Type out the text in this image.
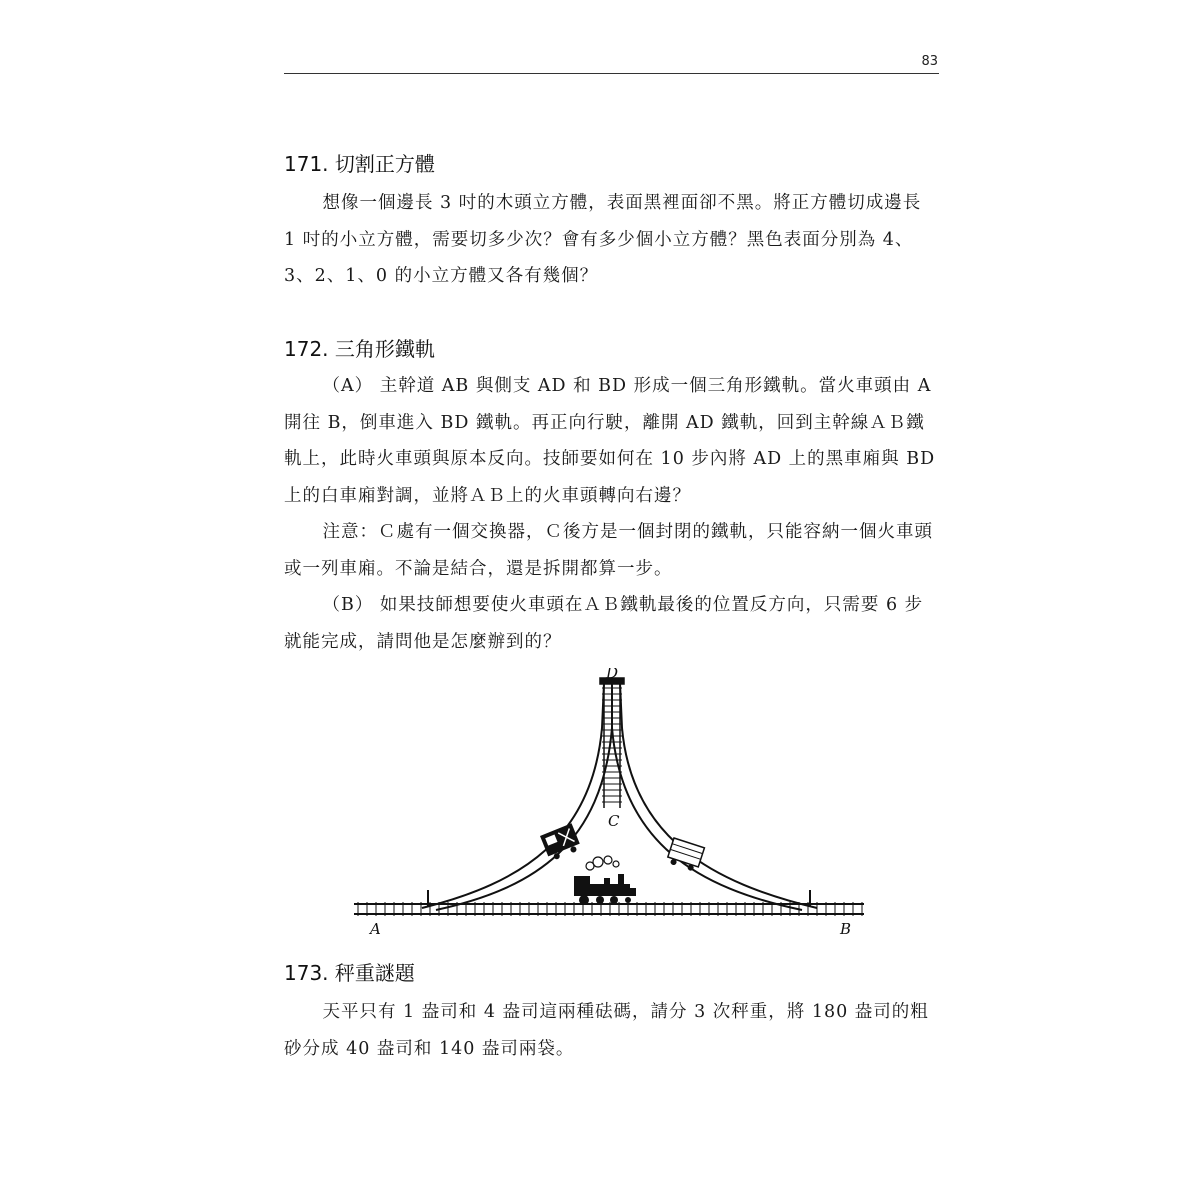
83
171. 切割正方體

想像一個邊長 3 吋的木頭立方體，表面黑裡面卻不黑。將正方體切成邊長 1 吋的小立方體，需要切多少次？會有多少個小立方體？黑色表面分別為 4、3、2、1、0 的小立方體又各有幾個？

172. 三角形鐵軌

（A） 主幹道 AB 與側支 AD 和 BD 形成一個三角形鐵軌。當火車頭由 A 開往 B，倒車進入 BD 鐵軌。再正向行駛，離開 AD 鐵軌，回到主幹線ＡＢ鐵軌上，此時火車頭與原本反向。技師要如何在 10 步內將 AD 上的黑車廂與 BD 上的白車廂對調，並將ＡＢ上的火車頭轉向右邊？

注意：Ｃ處有一個交換器，Ｃ後方是一個封閉的鐵軌，只能容納一個火車頭或一列車廂。不論是結合，還是拆開都算一步。

（B） 如果技師想要使火車頭在ＡＢ鐵軌最後的位置反方向，只需要 6 步就能完成，請問他是怎麼辦到的？

A	B
C
D
173. 秤重謎題

天平只有 1 盎司和 4 盎司這兩種砝碼，請分 3 次秤重，將 180 盎司的粗砂分成 40 盎司和 140 盎司兩袋。
